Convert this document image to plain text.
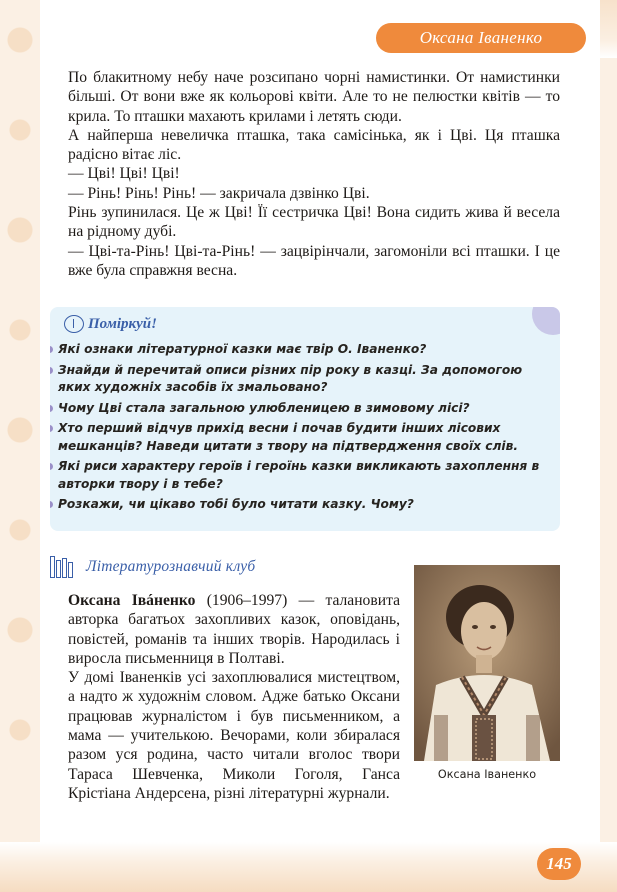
Оксана Іваненко

По блакитному небу наче розсипано чорні намистинки. От намистинки більші. От вони вже як кольорові квіти. Але то не пелюстки квітів — то крила. То пташки махають крилами і летять сюди.

А найперша невеличка пташка, така самісінька, як і Цві. Ця пташка радісно вітає ліс.

— Цві! Цві! Цві!

— Рінь! Рінь! Рінь! — закричала дзвінко Цві.

Рінь зупинилася. Це ж Цві! Її сестричка Цві! Вона сидить жива й весела на рідному дубі.

— Цві-та-Рінь! Цві-та-Рінь! — зацвірінчали, загомоніли всі пташки. І це вже була справжня весна.

Поміркуй!
Які ознаки літературної казки має твір О. Іваненко?
Знайди й перечитай описи різних пір року в казці. За допомогою яких художніх засобів їх змальовано?
Чому Цві стала загальною улюбленицею в зимовому лісі?
Хто перший відчув прихід весни і почав будити інших лісових мешканців? Наведи цитати з твору на підтвердження своїх слів.
Які риси характеру героїв і героїнь казки викликають захоплення в авторки твору і в тебе?
Розкажи, чи цікаво тобі було читати казку. Чому?
Літературознавчий клуб

Оксана Івáненко (1906–1997) — талановита авторка багатьох захопливих казок, оповідань, повістей, романів та інших творів. Народилась і виросла письменниця в Полтаві.

У домі Іваненків усі захоплювалися мистецтвом, а надто ж художнім словом. Адже батько Оксани працював журналістом і був письменником, а мама — учителькою. Вечорами, коли збиралася разом уся родина, часто читали вголос твори Тараса Шевченка, Миколи Гоголя, Ганса Крістіана Андерсена, різні літературні журнали.

Оксана Іваненко
145
